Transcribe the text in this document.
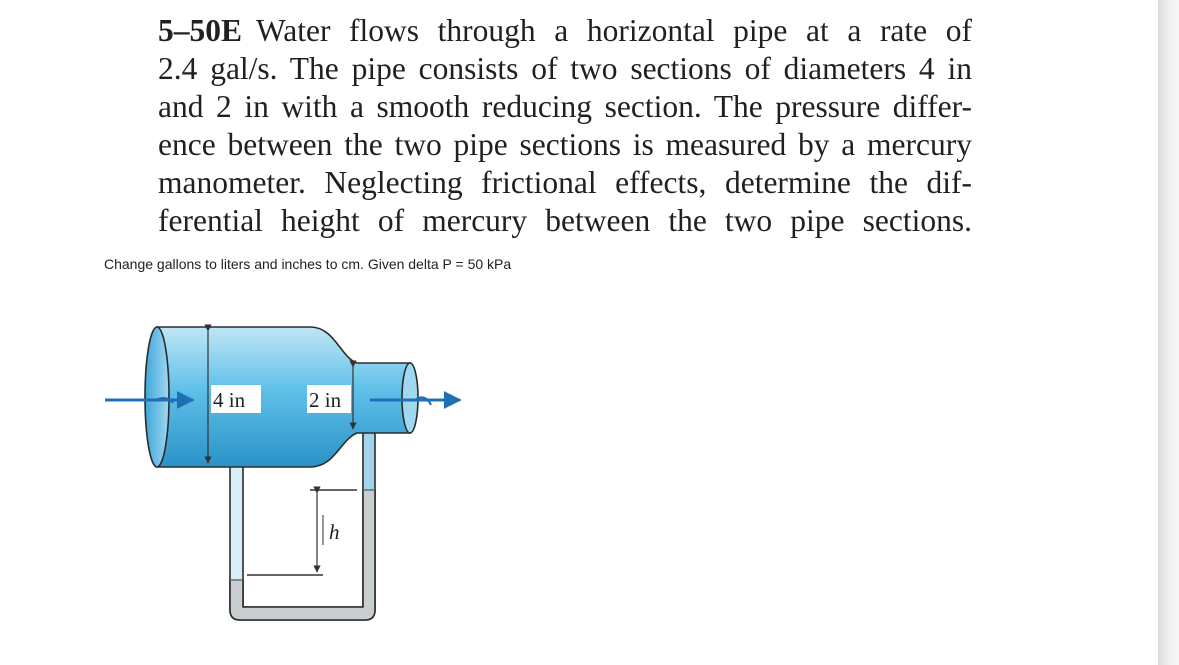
5–50E Water flows through a horizontal pipe at a rate of
2.4 gal/s. The pipe consists of two sections of diameters 4 in
and 2 in with a smooth reducing section. The pressure differ-
ence between the two pipe sections is measured by a mercury
manometer. Neglecting frictional effects, determine the dif-
ferential height of mercury between the two pipe sections.
Change gallons to liters and inches to cm. Given delta P = 50 kPa
h
4 in	2 in
